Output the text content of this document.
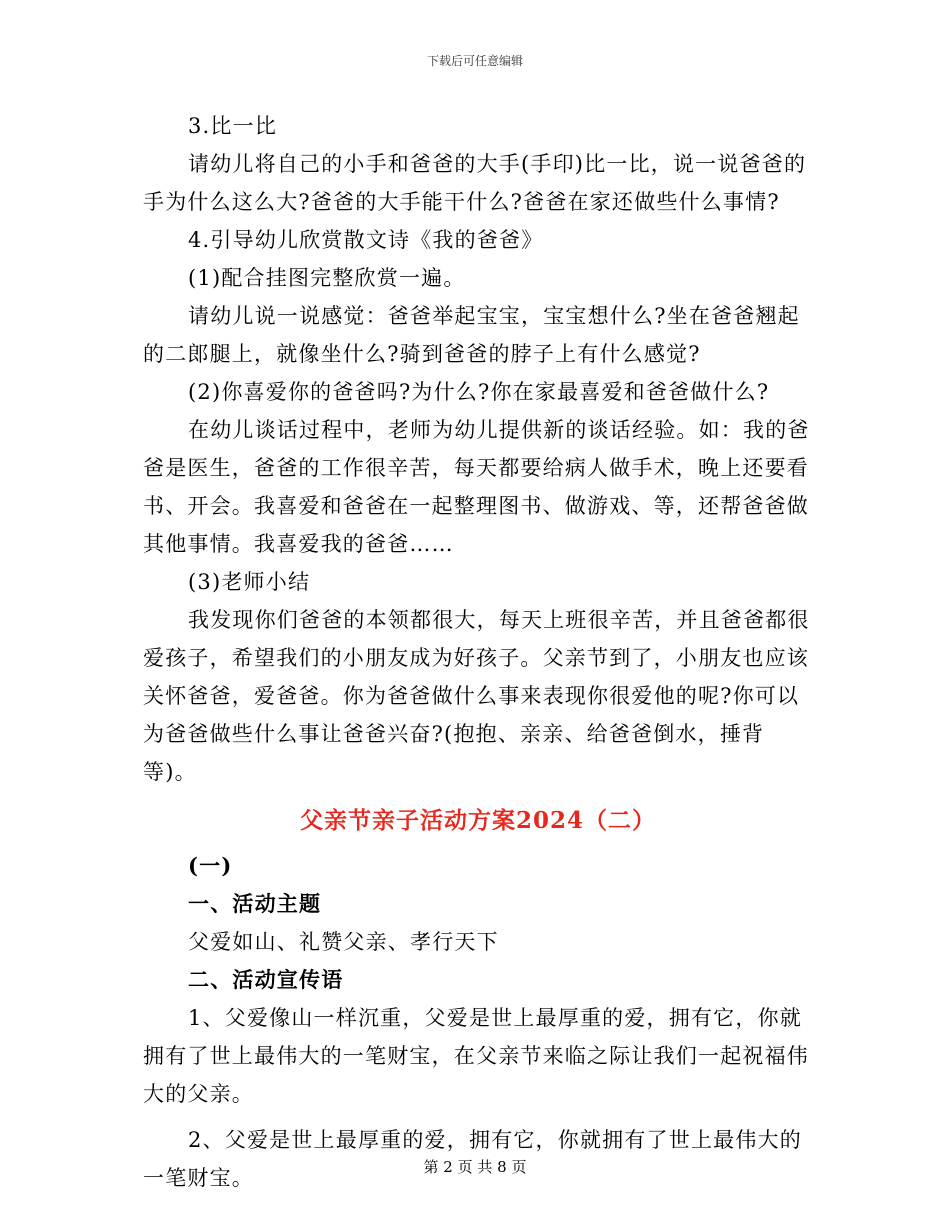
下载后可任意编辑

3.比一比

请幼儿将自己的小手和爸爸的大手(手印)比一比，说一说爸爸的手为什么这么大?爸爸的大手能干什么?爸爸在家还做些什么事情?

4.引导幼儿欣赏散文诗《我的爸爸》

(1)配合挂图完整欣赏一遍。

请幼儿说一说感觉：爸爸举起宝宝，宝宝想什么?坐在爸爸翘起的二郎腿上，就像坐什么?骑到爸爸的脖子上有什么感觉?

(2)你喜爱你的爸爸吗?为什么?你在家最喜爱和爸爸做什么?

在幼儿谈话过程中，老师为幼儿提供新的谈话经验。如：我的爸爸是医生，爸爸的工作很辛苦，每天都要给病人做手术，晚上还要看书、开会。我喜爱和爸爸在一起整理图书、做游戏、等，还帮爸爸做其他事情。我喜爱我的爸爸……

(3)老师小结

我发现你们爸爸的本领都很大，每天上班很辛苦，并且爸爸都很爱孩子，希望我们的小朋友成为好孩子。父亲节到了，小朋友也应该关怀爸爸，爱爸爸。你为爸爸做什么事来表现你很爱他的呢?你可以为爸爸做些什么事让爸爸兴奋?(抱抱、亲亲、给爸爸倒水，捶背等)。

父亲节亲子活动方案2024（二）

(一)

一、活动主题

父爱如山、礼赞父亲、孝行天下

二、活动宣传语

1、父爱像山一样沉重，父爱是世上最厚重的爱，拥有它，你就拥有了世上最伟大的一笔财宝，在父亲节来临之际让我们一起祝福伟大的父亲。

2、父爱是世上最厚重的爱，拥有它，你就拥有了世上最伟大的一笔财宝。	第 2 页 共 8 页
